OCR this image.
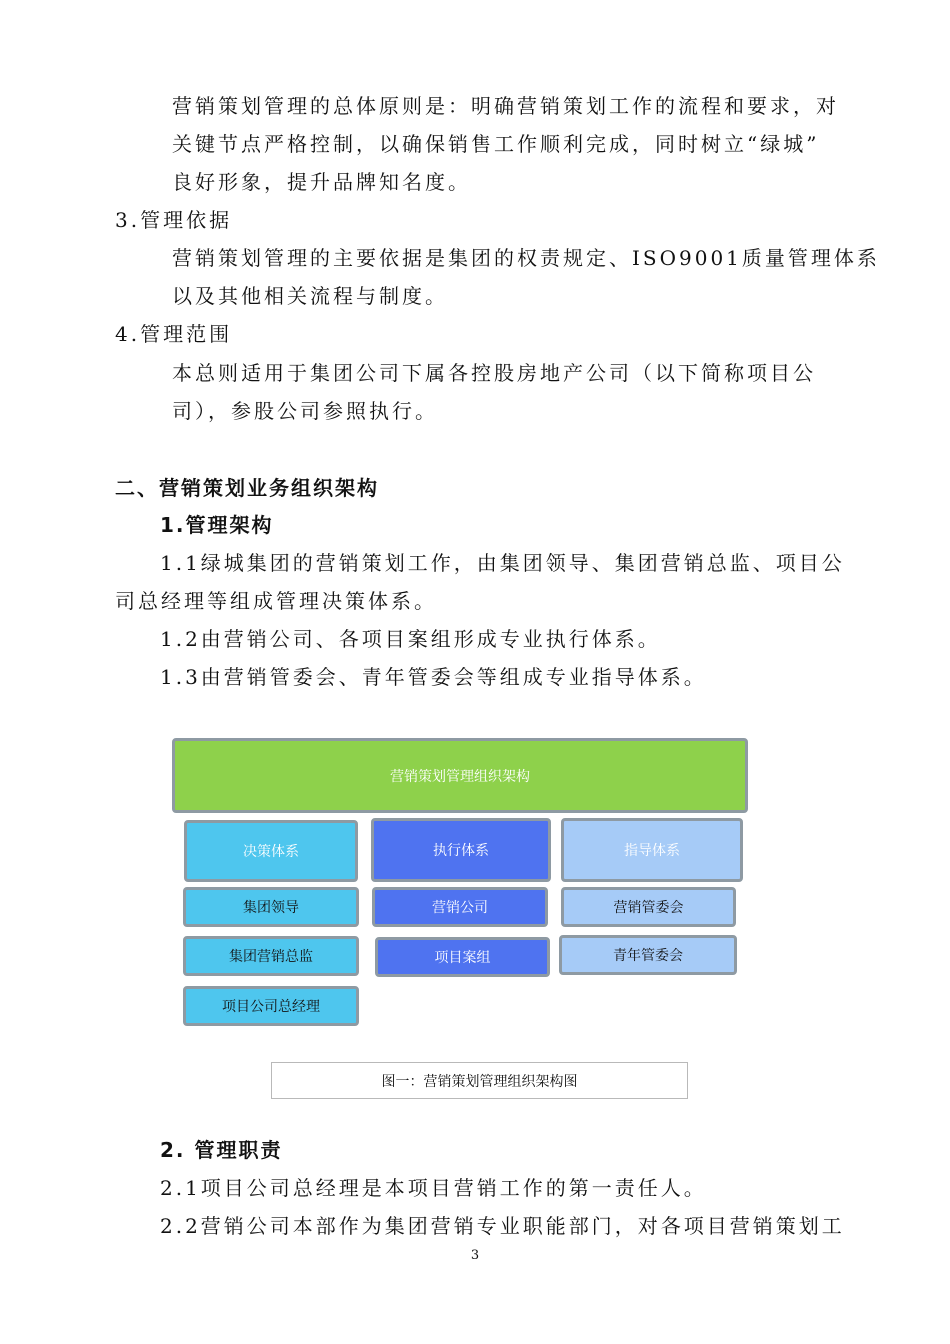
营销策划管理的总体原则是：明确营销策划工作的流程和要求，对
关键节点严格控制，以确保销售工作顺利完成，同时树立“绿城”
良好形象，提升品牌知名度。
3.管理依据
营销策划管理的主要依据是集团的权责规定、ISO9001质量管理体系
以及其他相关流程与制度。
4.管理范围
本总则适用于集团公司下属各控股房地产公司（以下简称项目公
司），参股公司参照执行。
二、营销策划业务组织架构
1.管理架构
1.1绿城集团的营销策划工作，由集团领导、集团营销总监、项目公
司总经理等组成管理决策体系。
1.2由营销公司、各项目案组形成专业执行体系。
1.3由营销管委会、青年管委会等组成专业指导体系。
营销策划管理组织架构
决策体系	执行体系	指导体系
集团领导
集团营销总监
项目公司总经理
营销公司
项目案组
营销管委会
青年管委会
图一：营销策划管理组织架构图
2. 管理职责
2.1项目公司总经理是本项目营销工作的第一责任人。
2.2营销公司本部作为集团营销专业职能部门，对各项目营销策划工
3
